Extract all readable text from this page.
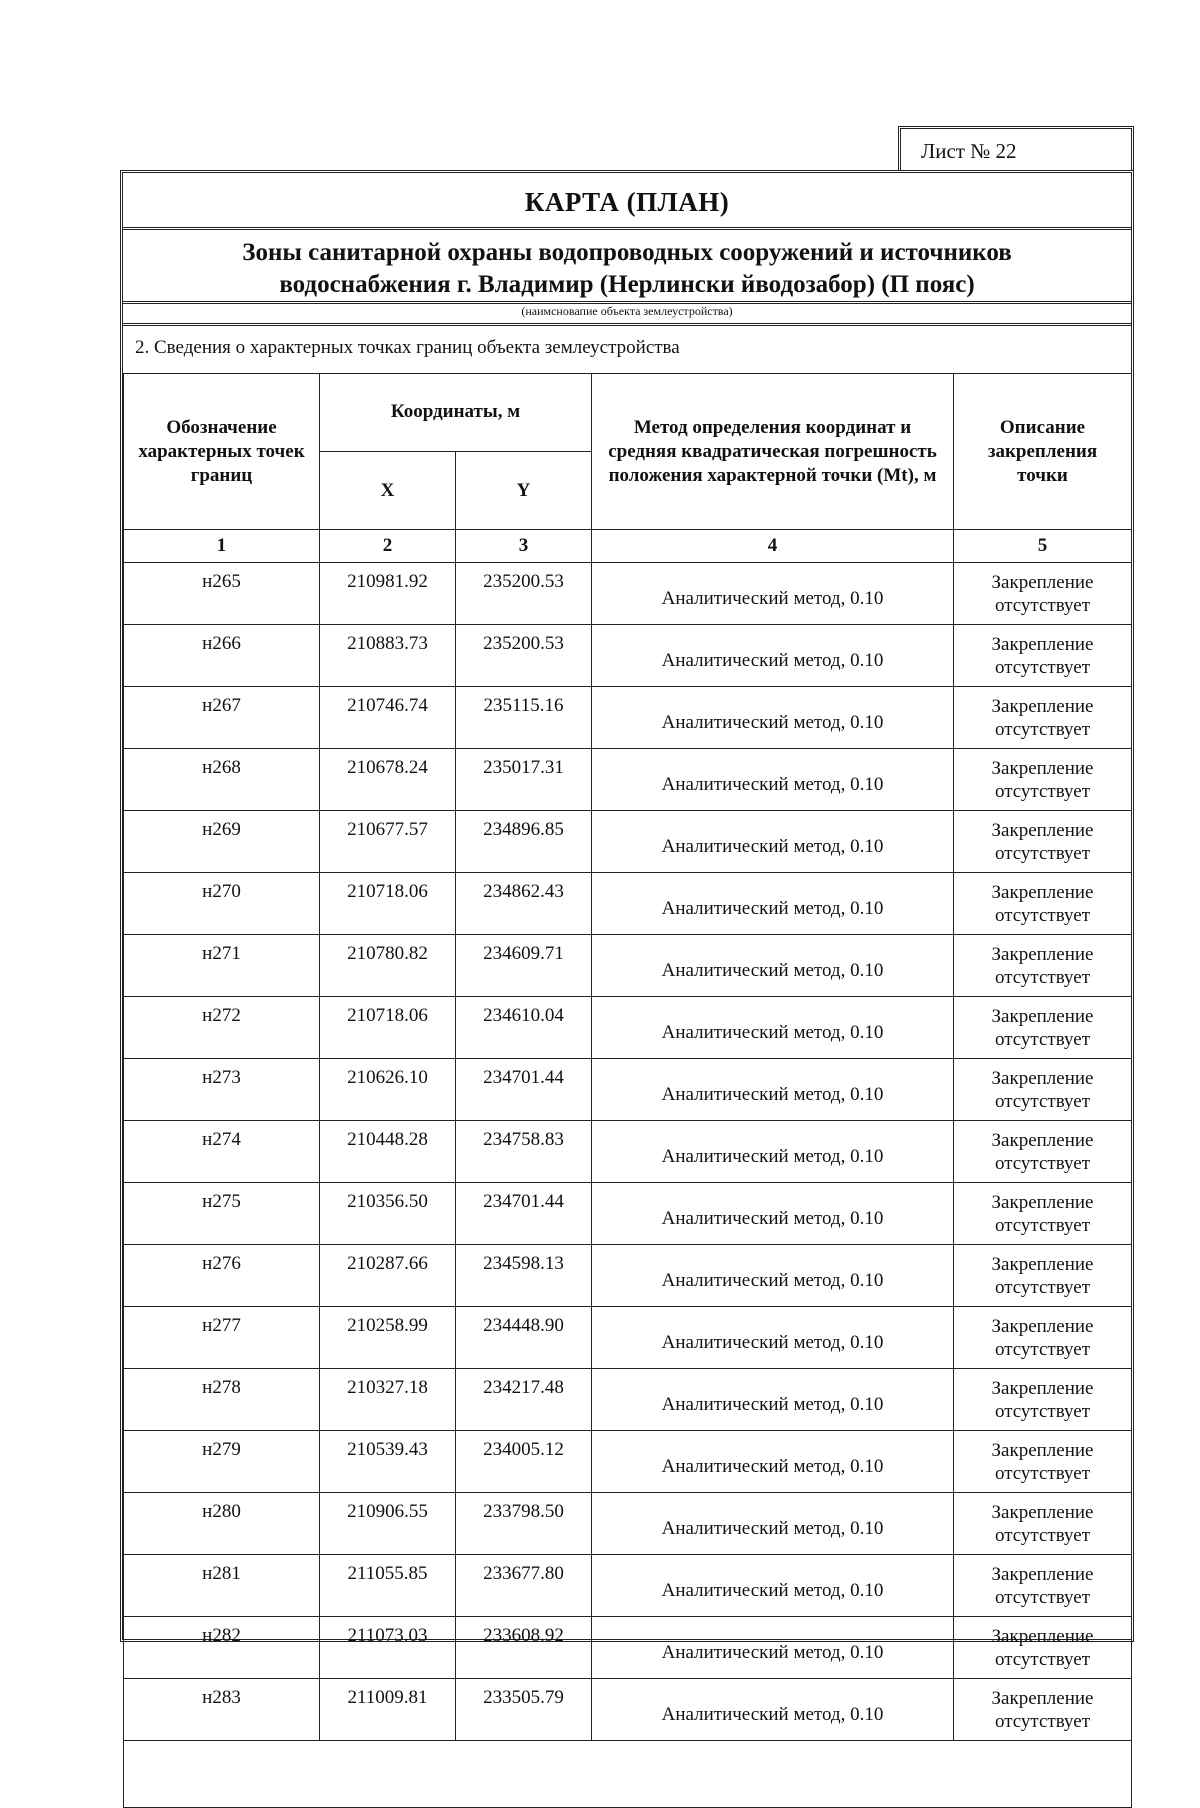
Лист № 22
КАРТА (ПЛАН)
Зоны санитарной охраны водопроводных сооружений и источников
водоснабжения г. Владимир (Нерлински йводозабор) (П пояс)
(наимсновапие объекта землеустройства)
2. Сведения о характерных точках границ объекта землеустройства
Обозначение характерных точек границ	Координаты, м		Метод определения координат и средняя квадратическая погрешность положения характерной точки (Mt), м	Описание закрепления точки
	X	Y		
1	2	3	4	5
н265	210981.92	235200.53	Аналитический метод, 0.10	Закрепление
отсутствует

н266	210883.73	235200.53	Аналитический метод, 0.10	Закрепление
отсутствует

н267	210746.74	235115.16	Аналитический метод, 0.10	Закрепление
отсутствует

н268	210678.24	235017.31	Аналитический метод, 0.10	Закрепление
отсутствует

н269	210677.57	234896.85	Аналитический метод, 0.10	Закрепление
отсутствует

н270	210718.06	234862.43	Аналитический метод, 0.10	Закрепление
отсутствует

н271	210780.82	234609.71	Аналитический метод, 0.10	Закрепление
отсутствует

н272	210718.06	234610.04	Аналитический метод, 0.10	Закрепление
отсутствует

н273	210626.10	234701.44	Аналитический метод, 0.10	Закрепление
отсутствует

н274	210448.28	234758.83	Аналитический метод, 0.10	Закрепление
отсутствует

н275	210356.50	234701.44	Аналитический метод, 0.10	Закрепление
отсутствует

н276	210287.66	234598.13	Аналитический метод, 0.10	Закрепление
отсутствует

н277	210258.99	234448.90	Аналитический метод, 0.10	Закрепление
отсутствует

н278	210327.18	234217.48	Аналитический метод, 0.10	Закрепление
отсутствует

н279	210539.43	234005.12	Аналитический метод, 0.10	Закрепление
отсутствует

н280	210906.55	233798.50	Аналитический метод, 0.10	Закрепление
отсутствует

н281	211055.85	233677.80	Аналитический метод, 0.10	Закрепление
отсутствует

н282	211073.03	233608.92	Аналитический метод, 0.10	Закрепление
отсутствует

н283	211009.81	233505.79	Аналитический метод, 0.10	Закрепление
отсутствует
